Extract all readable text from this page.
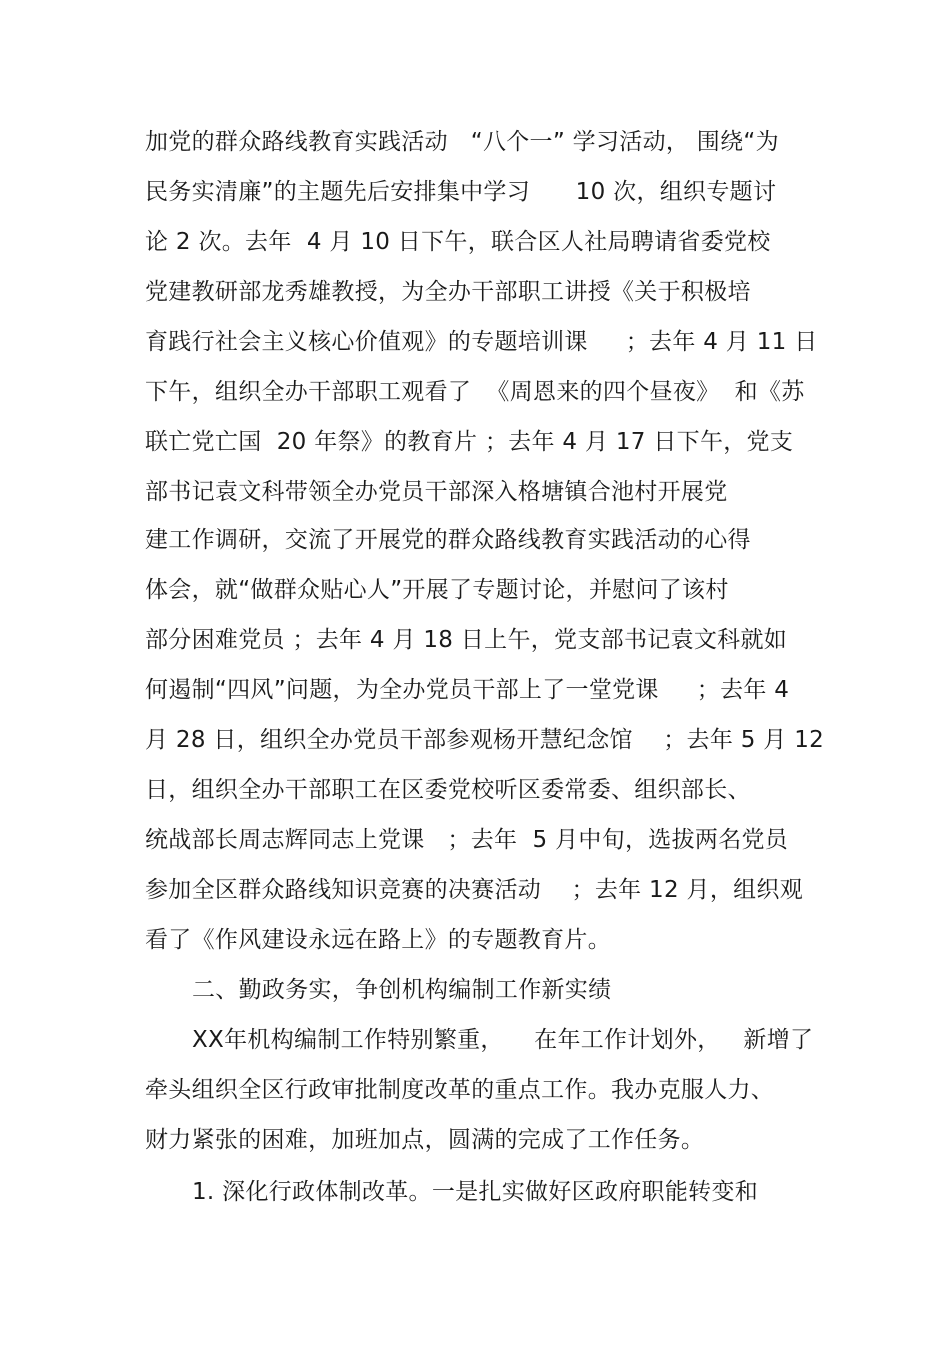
加党的群众路线教育实践活动   “八个一” 学习活动， 围绕“为
民务实清廉”的主题先后安排集中学习      10 次，组织专题讨
论 2 次。去年  4 月 10 日下午，联合区人社局聘请省委党校
党建教研部龙秀雄教授，为全办干部职工讲授《关于积极培
育践行社会主义核心价值观》的专题培训课     ；去年 4 月 11 日
下午，组织全办干部职工观看了  《周恩来的四个昼夜》  和《苏
联亡党亡国  20 年祭》的教育片 ；去年 4 月 17 日下午，党支
部书记袁文科带领全办党员干部深入格塘镇合池村开展党
建工作调研，交流了开展党的群众路线教育实践活动的心得
体会，就“做群众贴心人”开展了专题讨论，并慰问了该村
部分困难党员 ；去年 4 月 18 日上午，党支部书记袁文科就如
何遏制“四风”问题，为全办党员干部上了一堂党课     ；去年 4
月 28 日，组织全办党员干部参观杨开慧纪念馆    ；去年 5 月 12
日，组织全办干部职工在区委党校听区委常委、组织部长、
统战部长周志辉同志上党课   ；去年  5 月中旬，选拔两名党员
参加全区群众路线知识竞赛的决赛活动    ；去年 12 月，组织观
看了《作风建设永远在路上》的专题教育片。
二、勤政务实，争创机构编制工作新实绩
XX年机构编制工作特别繁重，    在年工作计划外，   新增了
牵头组织全区行政审批制度改革的重点工作。我办克服人力、
财力紧张的困难，加班加点，圆满的完成了工作任务。
1. 深化行政体制改革。一是扎实做好区政府职能转变和
